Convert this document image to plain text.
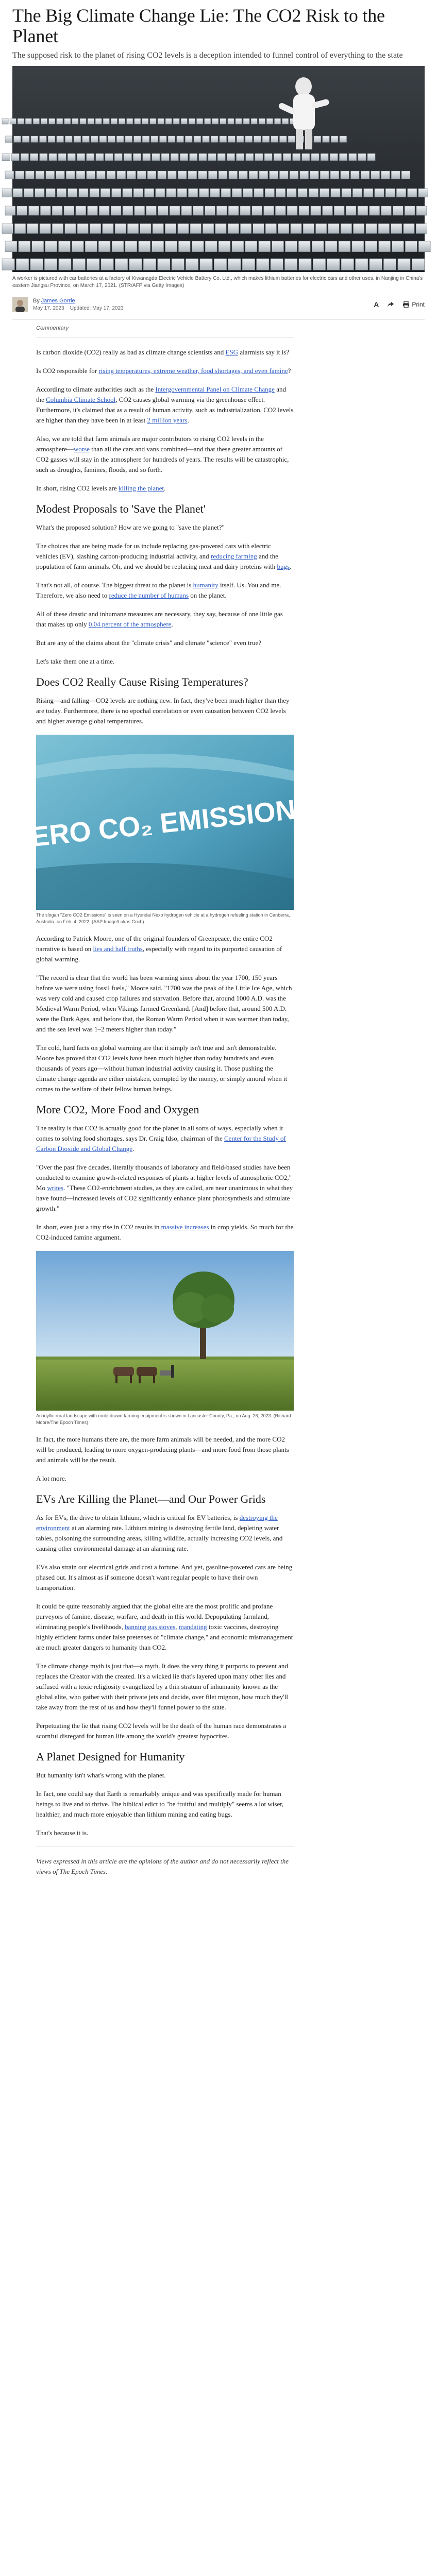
The Big Climate Change Lie: The CO2 Risk to the Planet

The supposed risk to the planet of rising CO2 levels is a deception intended to funnel control of everything to the state

A worker is pictured with car batteries at a factory of Kiwanagda Electric Vehicle Battery Co. Ltd., which makes lithium batteries for electric cars and other uses, in Nanjing in China's eastern Jiangsu Province, on March 17, 2021. (STR/AFP via Getty Images)

By James Gorrie
May 17, 2023 Updated: May 17, 2023	A	Print
Commentary

Is carbon dioxide (CO2) really as bad as climate change scientists and ESG alarmists say it is?

Is CO2 responsible for rising temperatures, extreme weather, food shortages, and even famine?

According to climate authorities such as the Intergovernmental Panel on Climate Change and the Columbia Climate School, CO2 causes global warming via the greenhouse effect. Furthermore, it's claimed that as a result of human activity, such as industrialization, CO2 levels are higher than they have been in at least 2 million years.

Also, we are told that farm animals are major contributors to rising CO2 levels in the atmosphere—worse than all the cars and vans combined—and that these greater amounts of CO2 gasses will stay in the atmosphere for hundreds of years. The results will be catastrophic, such as droughts, famines, floods, and so forth.

In short, rising CO2 levels are killing the planet.

Modest Proposals to 'Save the Planet'

What's the proposed solution? How are we going to "save the planet?"

The choices that are being made for us include replacing gas-powered cars with electric vehicles (EV), slashing carbon-producing industrial activity, and reducing farming and the population of farm animals. Oh, and we should be replacing meat and dairy proteins with bugs.

That's not all, of course. The biggest threat to the planet is humanity itself. Us. You and me. Therefore, we also need to reduce the number of humans on the planet.

All of these drastic and inhumane measures are necessary, they say, because of one little gas that makes up only 0.04 percent of the atmosphere.

But are any of the claims about the "climate crisis" and climate "science" even true?

Let's take them one at a time.

Does CO2 Really Cause Rising Temperatures?

Rising—and falling—CO2 levels are nothing new. In fact, they've been much higher than they are today. Furthermore, there is no epochal correlation or even causation between CO2 levels and higher average global temperatures.

ZERO CO₂ EMISSIONS

The slogan "Zero CO2 Emissions" is seen on a Hyundai Nexo hydrogen vehicle at a hydrogen refueling station in Canberra, Australia, on Feb. 4, 2022. (AAP Image/Lukas Coch)

According to Patrick Moore, one of the original founders of Greenpeace, the entire CO2 narrative is based on lies and half truths, especially with regard to its purported causation of global warming.

"The record is clear that the world has been warming since about the year 1700, 150 years before we were using fossil fuels," Moore said. "1700 was the peak of the Little Ice Age, which was very cold and caused crop failures and starvation. Before that, around 1000 A.D. was the Medieval Warm Period, when Vikings farmed Greenland. [And] before that, around 500 A.D. were the Dark Ages, and before that, the Roman Warm Period when it was warmer than today, and the sea level was 1–2 meters higher than today."

The cold, hard facts on global warming are that it simply isn't true and isn't demonstrable. Moore has proved that CO2 levels have been much higher than today hundreds and even thousands of years ago—without human industrial activity causing it. Those pushing the climate change agenda are either mistaken, corrupted by the money, or simply amoral when it comes to the welfare of their fellow human beings.

More CO2, More Food and Oxygen

The reality is that CO2 is actually good for the planet in all sorts of ways, especially when it comes to solving food shortages, says Dr. Craig Idso, chairman of the Center for the Study of Carbon Dioxide and Global Change.

"Over the past five decades, literally thousands of laboratory and field-based studies have been conducted to examine growth-related responses of plants at higher levels of atmospheric CO2," Mo writes. "These CO2-enrichment studies, as they are called, are near unanimous in what they have found—increased levels of CO2 significantly enhance plant photosynthesis and stimulate growth."

In short, even just a tiny rise in CO2 results in massive increases in crop yields. So much for the CO2-induced famine argument.

An idyllic rural landscape with mule-drawn farming equipment is shown in Lancaster County, Pa., on Aug. 26, 2023. (Richard Moore/The Epoch Times)

In fact, the more humans there are, the more farm animals will be needed, and the more CO2 will be produced, leading to more oxygen-producing plants—and more food from those plants and animals will be the result.

A lot more.

EVs Are Killing the Planet—and Our Power Grids

As for EVs, the drive to obtain lithium, which is critical for EV batteries, is destroying the environment at an alarming rate. Lithium mining is destroying fertile land, depleting water tables, poisoning the surrounding areas, killing wildlife, actually increasing CO2 levels, and causing other environmental damage at an alarming rate.

EVs also strain our electrical grids and cost a fortune. And yet, gasoline-powered cars are being phased out. It's almost as if someone doesn't want regular people to have their own transportation.

It could be quite reasonably argued that the global elite are the most prolific and profane purveyors of famine, disease, warfare, and death in this world. Depopulating farmland, eliminating people's livelihoods, banning gas stoves, mandating toxic vaccines, destroying highly efficient farms under false pretenses of "climate change," and economic mismanagement are much greater dangers to humanity than CO2.

The climate change myth is just that—a myth. It does the very thing it purports to prevent and replaces the Creator with the created. It's a wicked lie that's layered upon many other lies and suffused with a toxic religiosity evangelized by a thin stratum of inhumanity known as the global elite, who gather with their private jets and decide, over filet mignon, how much they'll take away from the rest of us and how they'll funnel power to the state.

Perpetuating the lie that rising CO2 levels will be the death of the human race demonstrates a scornful disregard for human life among the world's greatest hypocrites.

A Planet Designed for Humanity

But humanity isn't what's wrong with the planet.

In fact, one could say that Earth is remarkably unique and was specifically made for human beings to live and to thrive. The biblical edict to "be fruitful and multiply" seems a lot wiser, healthier, and much more enjoyable than lithium mining and eating bugs.

That's because it is.

Views expressed in this article are the opinions of the author and do not necessarily reflect the views of The Epoch Times.
